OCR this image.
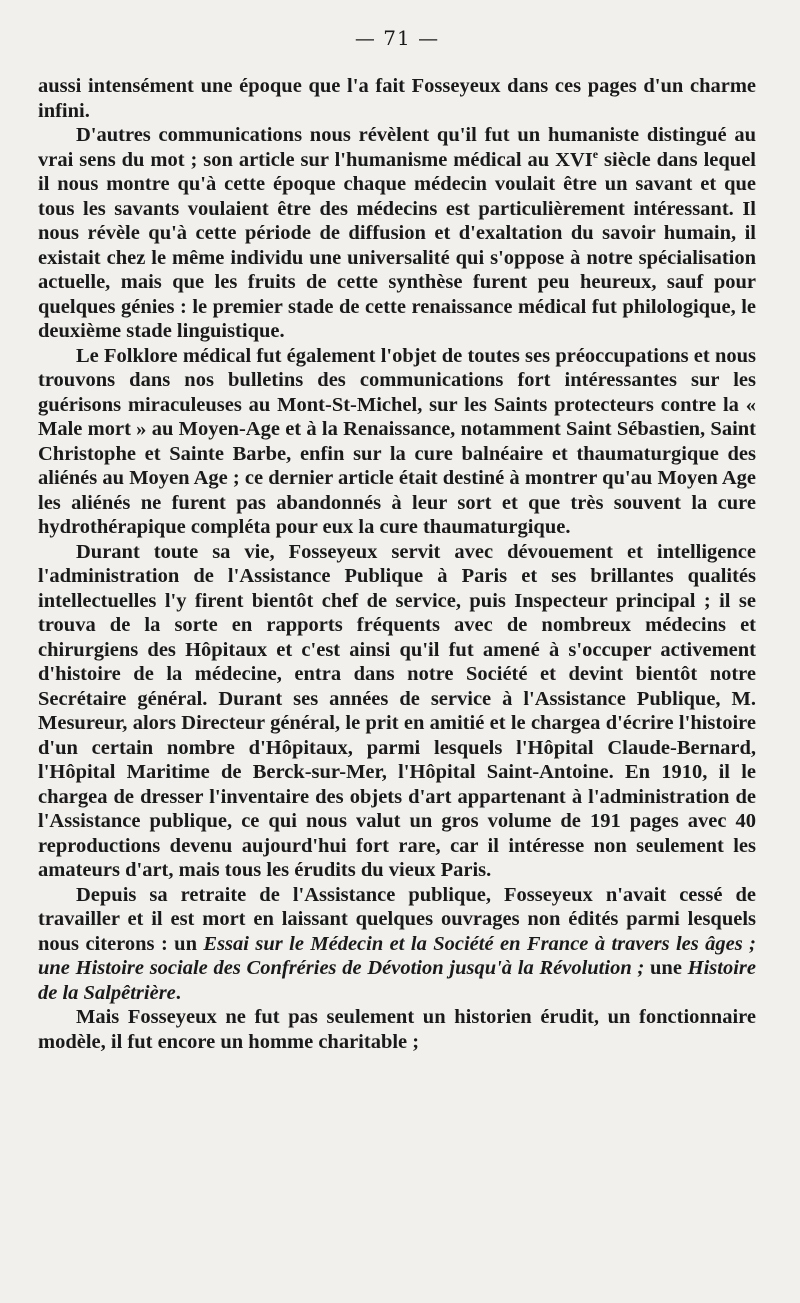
— 71 —

aussi intensément une époque que l'a fait Fosseyeux dans ces pages d'un charme infini.

D'autres communications nous révèlent qu'il fut un humaniste distingué au vrai sens du mot ; son article sur l'humanisme médical au XVIe siècle dans lequel il nous montre qu'à cette époque chaque médecin voulait être un savant et que tous les savants voulaient être des médecins est particulièrement intéressant. Il nous révèle qu'à cette période de diffusion et d'exaltation du savoir humain, il existait chez le même individu une universalité qui s'oppose à notre spécialisation actuelle, mais que les fruits de cette synthèse furent peu heureux, sauf pour quelques génies : le premier stade de cette renaissance médical fut philologique, le deuxième stade linguistique.

Le Folklore médical fut également l'objet de toutes ses préoccupations et nous trouvons dans nos bulletins des communications fort intéressantes sur les guérisons miraculeuses au Mont-St-Michel, sur les Saints protecteurs contre la « Male mort » au Moyen-Age et à la Renaissance, notamment Saint Sébastien, Saint Christophe et Sainte Barbe, enfin sur la cure balnéaire et thaumaturgique des aliénés au Moyen Age ; ce dernier article était destiné à montrer qu'au Moyen Age les aliénés ne furent pas abandonnés à leur sort et que très souvent la cure hydrothérapique compléta pour eux la cure thaumaturgique.

Durant toute sa vie, Fosseyeux servit avec dévouement et intelligence l'administration de l'Assistance Publique à Paris et ses brillantes qualités intellectuelles l'y firent bientôt chef de service, puis Inspecteur principal ; il se trouva de la sorte en rapports fréquents avec de nombreux médecins et chirurgiens des Hôpitaux et c'est ainsi qu'il fut amené à s'occuper activement d'histoire de la médecine, entra dans notre Société et devint bientôt notre Secrétaire général. Durant ses années de service à l'Assistance Publique, M. Mesureur, alors Directeur général, le prit en amitié et le chargea d'écrire l'histoire d'un certain nombre d'Hôpitaux, parmi lesquels l'Hôpital Claude-Bernard, l'Hôpital Maritime de Berck-sur-Mer, l'Hôpital Saint-Antoine. En 1910, il le chargea de dresser l'inventaire des objets d'art appartenant à l'administration de l'Assistance publique, ce qui nous valut un gros volume de 191 pages avec 40 reproductions devenu aujourd'hui fort rare, car il intéresse non seulement les amateurs d'art, mais tous les érudits du vieux Paris.

Depuis sa retraite de l'Assistance publique, Fosseyeux n'avait cessé de travailler et il est mort en laissant quelques ouvrages non édités parmi lesquels nous citerons : un Essai sur le Médecin et la Société en France à travers les âges ; une Histoire sociale des Confréries de Dévotion jusqu'à la Révolution ; une Histoire de la Salpêtrière.

Mais Fosseyeux ne fut pas seulement un historien érudit, un fonctionnaire modèle, il fut encore un homme charitable ;
